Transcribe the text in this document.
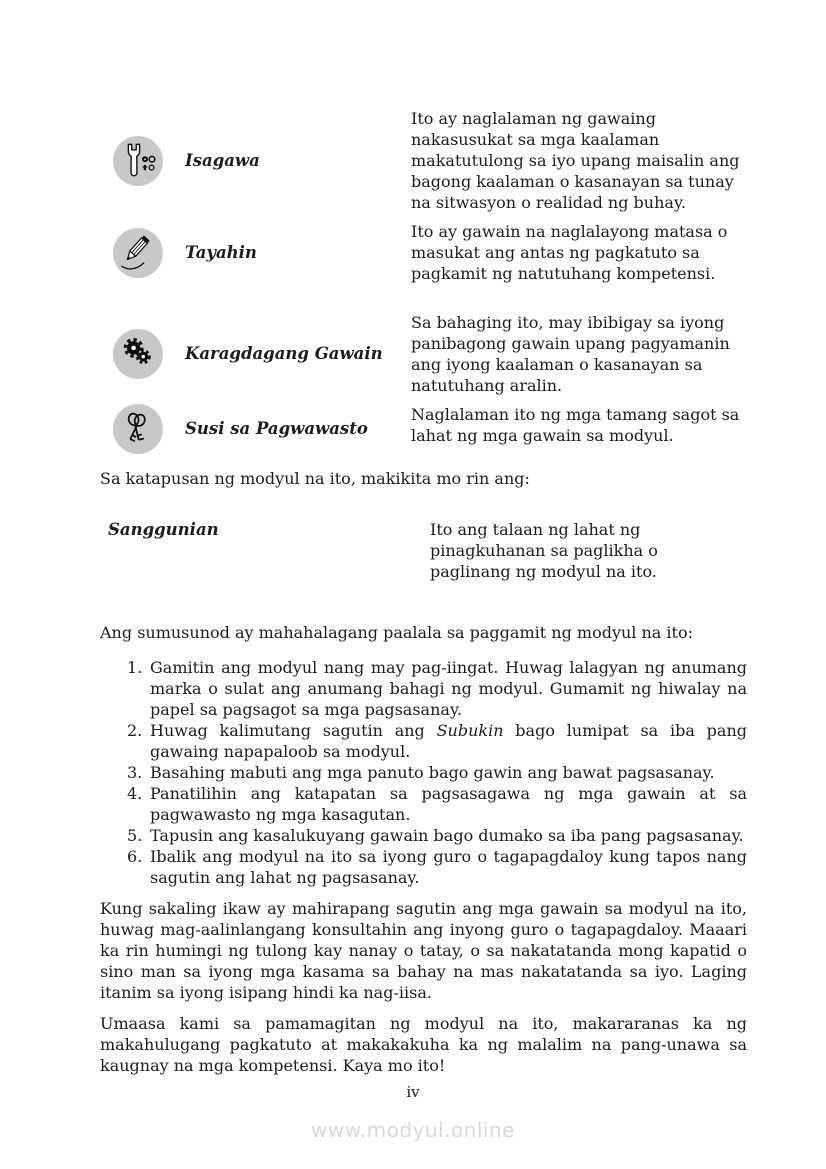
Isagawa
Ito ay naglalaman ng gawaing nakasusukat sa mga kaalaman makatutulong sa iyo upang maisalin ang bagong kaalaman o kasanayan sa tunay na sitwasyon o realidad ng buhay.
Tayahin
Ito ay gawain na naglalayong matasa o masukat ang antas ng pagkatuto sa pagkamit ng natutuhang kompetensi.
Karagdagang Gawain
Sa bahaging ito, may ibibigay sa iyong panibagong gawain upang pagyamanin ang iyong kaalaman o kasanayan sa natutuhang aralin.
Susi sa Pagwawasto
Naglalaman ito ng mga tamang sagot sa lahat ng mga gawain sa modyul.

Sa katapusan ng modyul na ito, makikita mo rin ang:

Sanggunian	Ito ang talaan ng lahat ng pinagkuhanan sa paglikha o paglinang ng modyul na ito.

Ang sumusunod ay mahahalagang paalala sa paggamit ng modyul na ito:

1. Gamitin ang modyul nang may pag-iingat. Huwag lalagyan ng anumang marka o sulat ang anumang bahagi ng modyul. Gumamit ng hiwalay na papel sa pagsagot sa mga pagsasanay.
2. Huwag kalimutang sagutin ang Subukin bago lumipat sa iba pang gawaing napapaloob sa modyul.
3. Basahing mabuti ang mga panuto bago gawin ang bawat pagsasanay.
4. Panatilihin ang katapatan sa pagsasagawa ng mga gawain at sa pagwawasto ng mga kasagutan.
5. Tapusin ang kasalukuyang gawain bago dumako sa iba pang pagsasanay.
6. Ibalik ang modyul na ito sa iyong guro o tagapagdaloy kung tapos nang sagutin ang lahat ng pagsasanay.

Kung sakaling ikaw ay mahirapang sagutin ang mga gawain sa modyul na ito, huwag mag-aalinlangang konsultahin ang inyong guro o tagapagdaloy. Maaari ka rin humingi ng tulong kay nanay o tatay, o sa nakatatanda mong kapatid o sino man sa iyong mga kasama sa bahay na mas nakatatanda sa iyo. Laging itanim sa iyong isipang hindi ka nag-iisa.

Umaasa kami sa pamamagitan ng modyul na ito, makararanas ka ng makahulugang pagkatuto at makakakuha ka ng malalim na pang-unawa sa kaugnay na mga kompetensi. Kaya mo ito!

iv
www.modyul.online
